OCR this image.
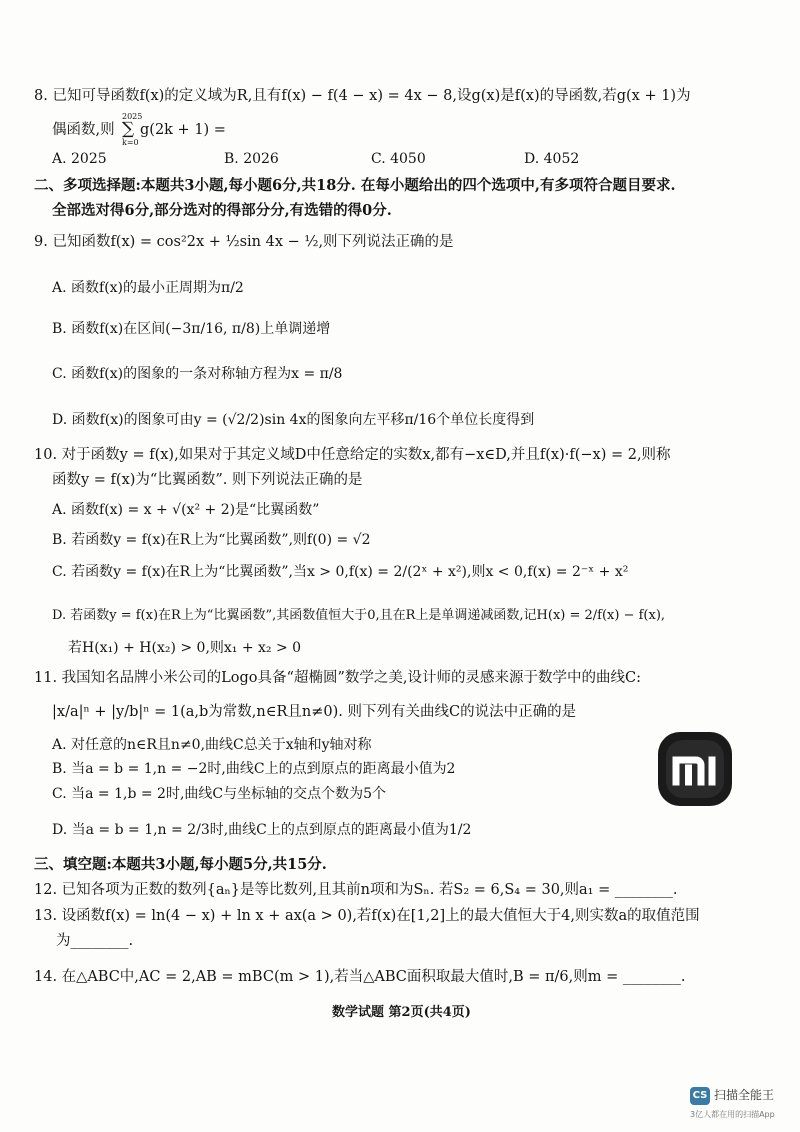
8. 已知可导函数f(x)的定义域为R,且有f(x) − f(4 − x) = 4x − 8,设g(x)是f(x)的导函数,若g(x + 1)为
偶函数,则
2025
∑
k=0
g(2k + 1) =
A. 2025	B. 2026	C. 4050	D. 4052
二、多项选择题:本题共3小题,每小题6分,共18分. 在每小题给出的四个选项中,有多项符合题目要求.
全部选对得6分,部分选对的得部分分,有选错的得0分.
9. 已知函数f(x) = cos²2x + ½sin 4x − ½,则下列说法正确的是
A. 函数f(x)的最小正周期为π/2
B. 函数f(x)在区间(−3π/16, π/8)上单调递增
C. 函数f(x)的图象的一条对称轴方程为x = π/8
D. 函数f(x)的图象可由y = (√2/2)sin 4x的图象向左平移π/16个单位长度得到
10. 对于函数y = f(x),如果对于其定义域D中任意给定的实数x,都有−x∈D,并且f(x)·f(−x) = 2,则称
函数y = f(x)为“比翼函数”. 则下列说法正确的是
A. 函数f(x) = x + √(x² + 2)是“比翼函数”
B. 若函数y = f(x)在R上为“比翼函数”,则f(0) = √2
C. 若函数y = f(x)在R上为“比翼函数”,当x > 0,f(x) = 2/(2ˣ + x²),则x < 0,f(x) = 2⁻ˣ + x²
D. 若函数y = f(x)在R上为“比翼函数”,其函数值恒大于0,且在R上是单调递减函数,记H(x) = 2/f(x) − f(x),
若H(x₁) + H(x₂) > 0,则x₁ + x₂ > 0
11. 我国知名品牌小米公司的Logo具备“超椭圆”数学之美,设计师的灵感来源于数学中的曲线C:
|x/a|ⁿ + |y/b|ⁿ = 1(a,b为常数,n∈R且n≠0). 则下列有关曲线C的说法中正确的是
A. 对任意的n∈R且n≠0,曲线C总关于x轴和y轴对称
B. 当a = b = 1,n = −2时,曲线C上的点到原点的距离最小值为2
C. 当a = 1,b = 2时,曲线C与坐标轴的交点个数为5个
D. 当a = b = 1,n = 2/3时,曲线C上的点到原点的距离最小值为1/2
三、填空题:本题共3小题,每小题5分,共15分.
12. 已知各项为正数的数列{aₙ}是等比数列,且其前n项和为Sₙ. 若S₂ = 6,S₄ = 30,则a₁ = ________.
13. 设函数f(x) = ln(4 − x) + ln x + ax(a > 0),若f(x)在[1,2]上的最大值恒大于4,则实数a的取值范围
为________.
14. 在△ABC中,AC = 2,AB = mBC(m > 1),若当△ABC面积取最大值时,B = π/6,则m = ________.
数学试题 第2页(共4页)
CS 扫描全能王
3亿人都在用的扫描App
